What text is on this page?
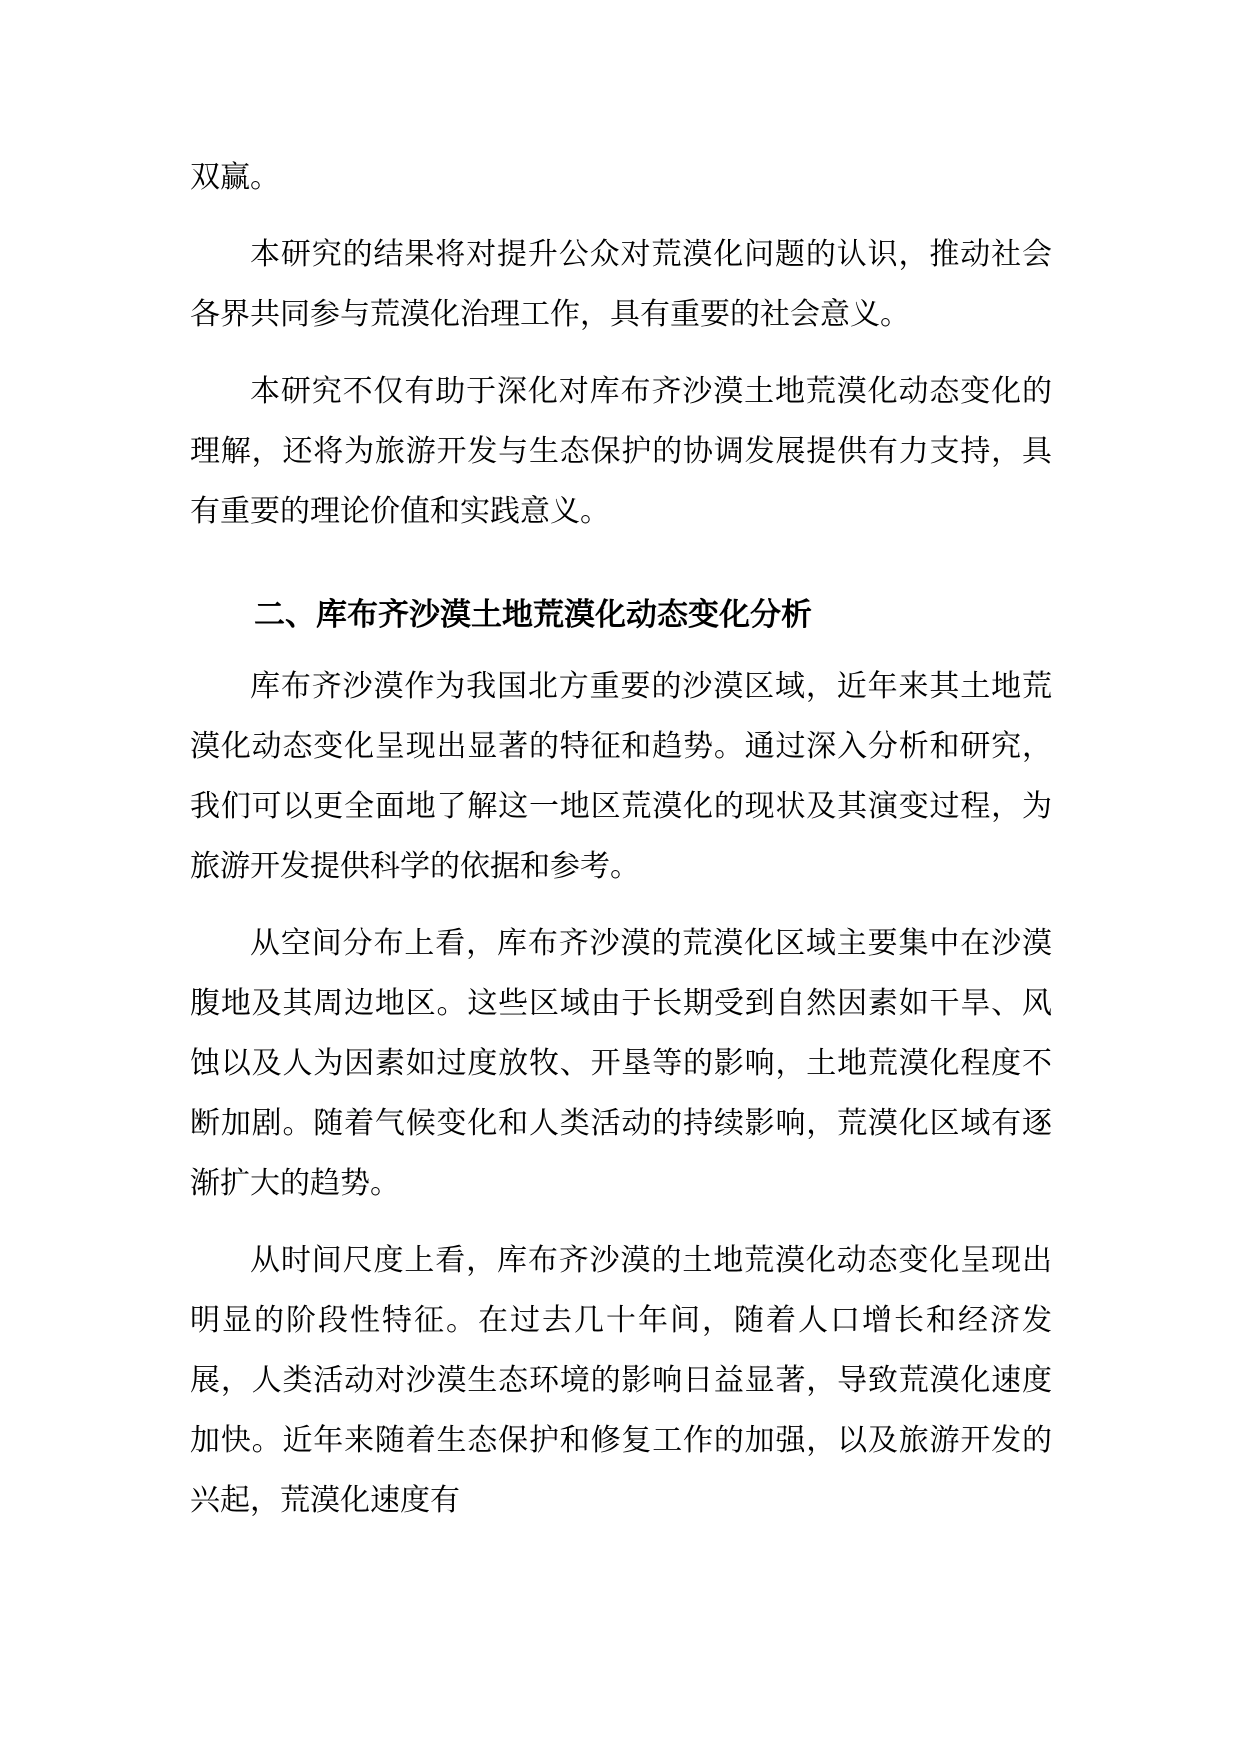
双赢。

本研究的结果将对提升公众对荒漠化问题的认识，推动社会各界共同参与荒漠化治理工作，具有重要的社会意义。

本研究不仅有助于深化对库布齐沙漠土地荒漠化动态变化的理解，还将为旅游开发与生态保护的协调发展提供有力支持，具有重要的理论价值和实践意义。

二、库布齐沙漠土地荒漠化动态变化分析

库布齐沙漠作为我国北方重要的沙漠区域，近年来其土地荒漠化动态变化呈现出显著的特征和趋势。通过深入分析和研究，我们可以更全面地了解这一地区荒漠化的现状及其演变过程，为旅游开发提供科学的依据和参考。

从空间分布上看，库布齐沙漠的荒漠化区域主要集中在沙漠腹地及其周边地区。这些区域由于长期受到自然因素如干旱、风蚀以及人为因素如过度放牧、开垦等的影响，土地荒漠化程度不断加剧。随着气候变化和人类活动的持续影响，荒漠化区域有逐渐扩大的趋势。

从时间尺度上看，库布齐沙漠的土地荒漠化动态变化呈现出明显的阶段性特征。在过去几十年间，随着人口增长和经济发展，人类活动对沙漠生态环境的影响日益显著，导致荒漠化速度加快。近年来随着生态保护和修复工作的加强，以及旅游开发的兴起，荒漠化速度有
